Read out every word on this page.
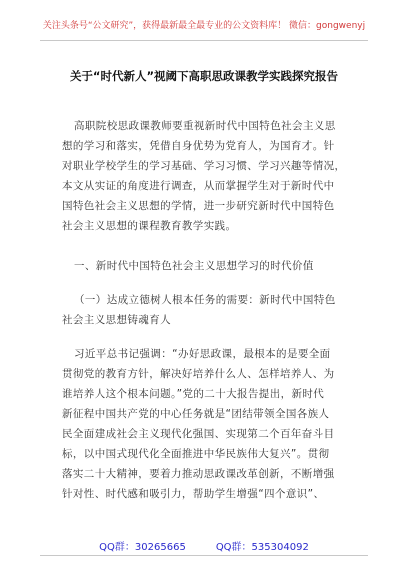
关注头条号“公文研究”，获得最新最全最专业的公文资料库！ 微信：gongwenyj
关于“时代新人”视阈下高职思政课教学实践探究报告
高职院校思政课教师要重视新时代中国特色社会主义思
想的学习和落实，凭借自身优势为党育人，为国育才。针
对职业学校学生的学习基础、学习习惯、学习兴趣等情况，
本文从实证的角度进行调查，从而掌握学生对于新时代中
国特色社会主义思想的学情，进一步研究新时代中国特色
社会主义思想的课程教育教学实践。
一、新时代中国特色社会主义思想学习的时代价值
（一）达成立德树人根本任务的需要：新时代中国特色
社会主义思想铸魂育人
习近平总书记强调：“办好思政课，最根本的是要全面
贯彻党的教育方针，解决好培养什么人、怎样培养人、为
谁培养人这个根本问题。”党的二十大报告提出，新时代
新征程中国共产党的中心任务就是“团结带领全国各族人
民全面建成社会主义现代化强国、实现第二个百年奋斗目
标，以中国式现代化全面推进中华民族伟大复兴”。贯彻
落实二十大精神，要着力推动思政课改革创新，不断增强
针对性、时代感和吸引力，帮助学生增强“四个意识”、
QQ群：30265665	QQ群：535304092
